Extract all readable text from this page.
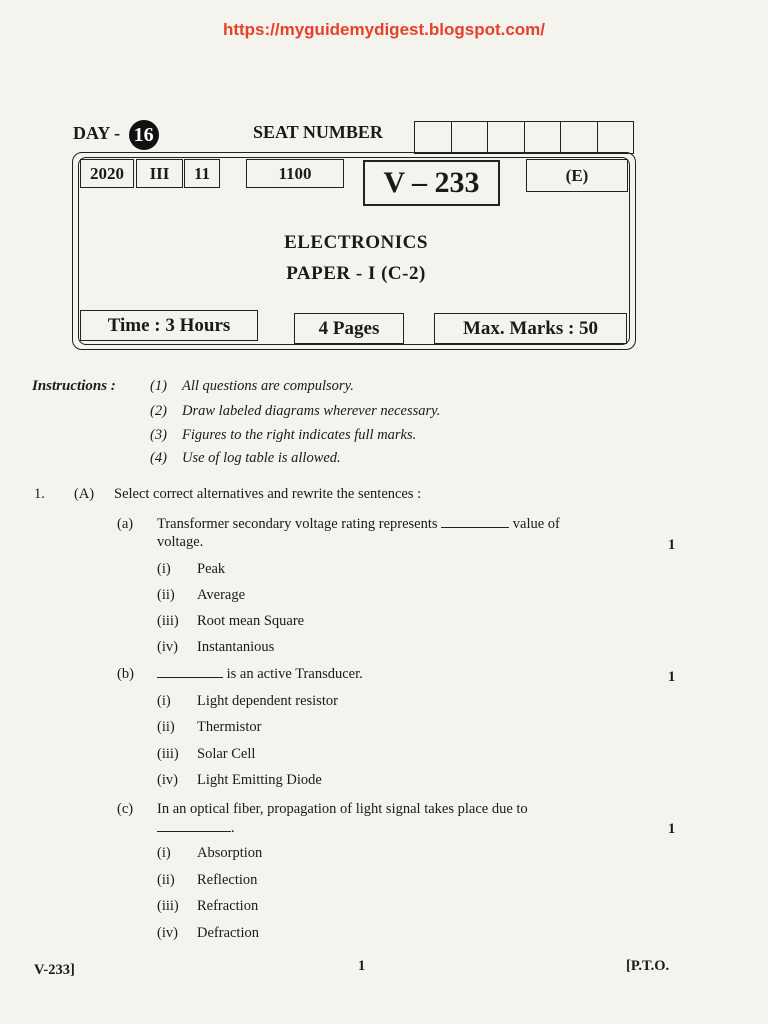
https://myguidemydigest.blogspot.com/
DAY - 16	SEAT NUMBER
2020	III	11	1100	V – 233	(E)
ELECTRONICS
PAPER - I (C-2)
Time : 3 Hours	4 Pages	Max. Marks : 50
Instructions : (1) All questions are compulsory.
(2) Draw labeled diagrams wherever necessary.
(3) Figures to the right indicates full marks.
(4) Use of log table is allowed.
1. (A) Select correct alternatives and rewrite the sentences :
(a) Transformer secondary voltage rating represents	value of
voltage.	1
(i) Peak
(ii) Average
(iii) Root mean Square
(iv) Instantanious
(b)	is an active Transducer.	1
(i) Light dependent resistor
(ii) Thermistor
(iii) Solar Cell
(iv) Light Emitting Diode
(c) In an optical fiber, propagation of light signal takes place due to
.	1
(i) Absorption
(ii) Reflection
(iii) Refraction
(iv) Defraction
V-233]	1	[P.T.O.
